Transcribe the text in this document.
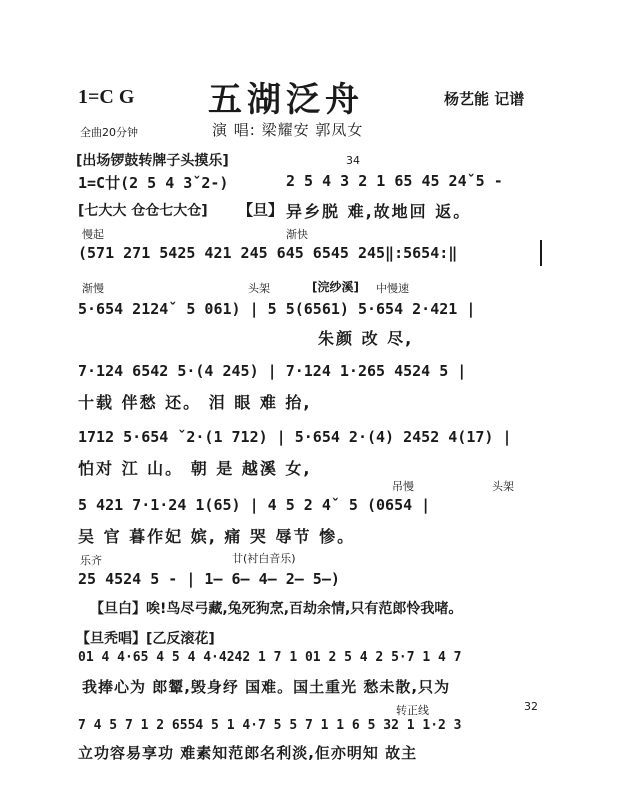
1=C G 五湖泛舟	杨艺能 记谱
全曲20分钟	演 唱: 梁耀安 郭凤女
[出场锣鼓转牌子头摸乐]	34
1=C廿(2 5 4 3ˇ2-)	2 5 4 3 2 1 65 45 24ˇ5 -
[七大大 仓仓七大仓] 【旦】 异乡脱 难,故地回 返。
慢起	渐快
(571 271 5425 421 245 645 6545 245‖:5654:‖
渐慢	头架	中慢速
[浣纱溪]
5·654 2124ˇ 5 061) | 5 5(6561) 5·654 2·421 |
朱颜 改 尽,
7·124 6542 5·(4 245) | 7·124 1·265 4524 5 |
十载 伴愁 还。 泪 眼 难 抬,
1712 5·654 ˇ2·(1 712) | 5·654 2·(4) 2452 4(17) |
怕对 江 山。 朝 是 越溪 女,
吊慢	头架
5 421 7·1·24 1(65) | 4 5 2 4ˇ 5 (0654 |
吴 官 暮作妃 嫔, 痛 哭 辱节 惨。
乐齐	廿(衬白音乐)
25 4524 5 - | 1— 6— 4— 2— 5—)
【旦白】唉!鸟尽弓藏,兔死狗烹,百劫余情,只有范郎怜我啫。
【旦秃唱】[乙反滚花]
01 4 4·65 4 5 4 4·4242 1 7 1 01 2 5 4 2 5·7 1 4 7
我捧心为 郎颦,毁身纾 国难。国土重光 愁未散,只为
转正线	32
7 4 5 7 1 2 6554 5 1 4·7 5 5 7 1 1 6 5 32 1 1·2 3
立功容易享功 难素知范郎名利淡,佢亦明知 故主
